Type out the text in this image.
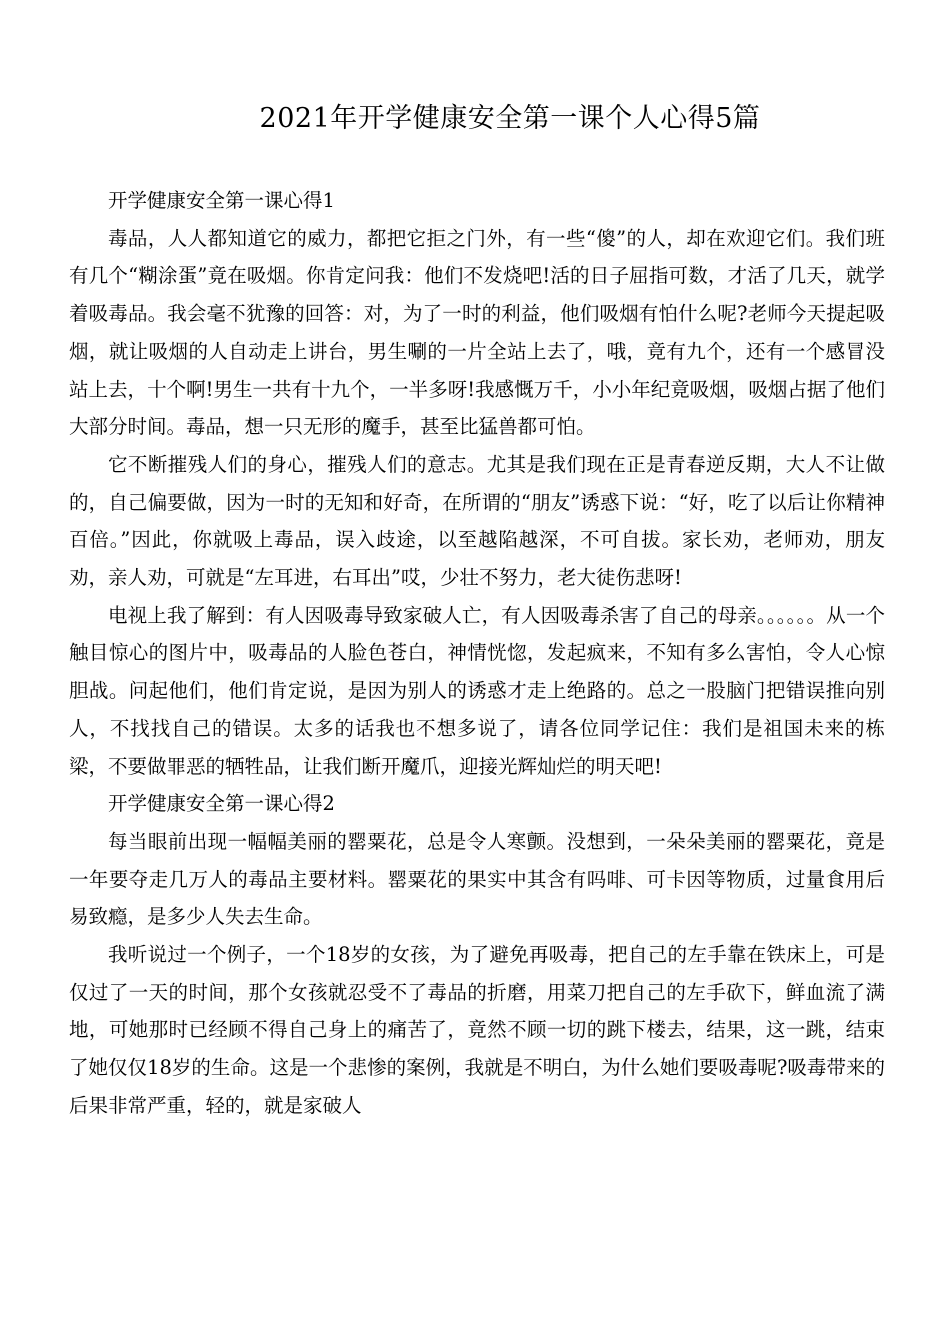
2021年开学健康安全第一课个人心得5篇

开学健康安全第一课心得1

毒品，人人都知道它的威力，都把它拒之门外，有一些“傻”的人，却在欢迎它们。我们班有几个“糊涂蛋”竟在吸烟。你肯定问我：他们不发烧吧!活的日子屈指可数，才活了几天，就学着吸毒品。我会毫不犹豫的回答：对，为了一时的利益，他们吸烟有怕什么呢?老师今天提起吸烟，就让吸烟的人自动走上讲台，男生唰的一片全站上去了，哦，竟有九个，还有一个感冒没站上去，十个啊!男生一共有十九个，一半多呀!我感慨万千，小小年纪竟吸烟，吸烟占据了他们大部分时间。毒品，想一只无形的魔手，甚至比猛兽都可怕。

它不断摧残人们的身心，摧残人们的意志。尤其是我们现在正是青春逆反期，大人不让做的，自己偏要做，因为一时的无知和好奇，在所谓的“朋友”诱惑下说：“好，吃了以后让你精神百倍。”因此，你就吸上毒品，误入歧途，以至越陷越深，不可自拔。家长劝，老师劝，朋友劝，亲人劝，可就是“左耳进，右耳出”哎，少壮不努力，老大徒伤悲呀!

电视上我了解到：有人因吸毒导致家破人亡，有人因吸毒杀害了自己的母亲。。。。。。从一个触目惊心的图片中，吸毒品的人脸色苍白，神情恍惚，发起疯来，不知有多么害怕，令人心惊胆战。问起他们，他们肯定说，是因为别人的诱惑才走上绝路的。总之一股脑门把错误推向别人，不找找自己的错误。太多的话我也不想多说了，请各位同学记住：我们是祖国未来的栋梁，不要做罪恶的牺牲品，让我们断开魔爪，迎接光辉灿烂的明天吧!

开学健康安全第一课心得2

每当眼前出现一幅幅美丽的罂粟花，总是令人寒颤。没想到，一朵朵美丽的罂粟花，竟是一年要夺走几万人的毒品主要材料。罂粟花的果实中其含有吗啡、可卡因等物质，过量食用后易致瘾，是多少人失去生命。

我听说过一个例子，一个18岁的女孩，为了避免再吸毒，把自己的左手靠在铁床上，可是仅过了一天的时间，那个女孩就忍受不了毒品的折磨，用菜刀把自己的左手砍下，鲜血流了满地，可她那时已经顾不得自己身上的痛苦了，竟然不顾一切的跳下楼去，结果，这一跳，结束了她仅仅18岁的生命。这是一个悲惨的案例，我就是不明白，为什么她们要吸毒呢?吸毒带来的后果非常严重，轻的，就是家破人
